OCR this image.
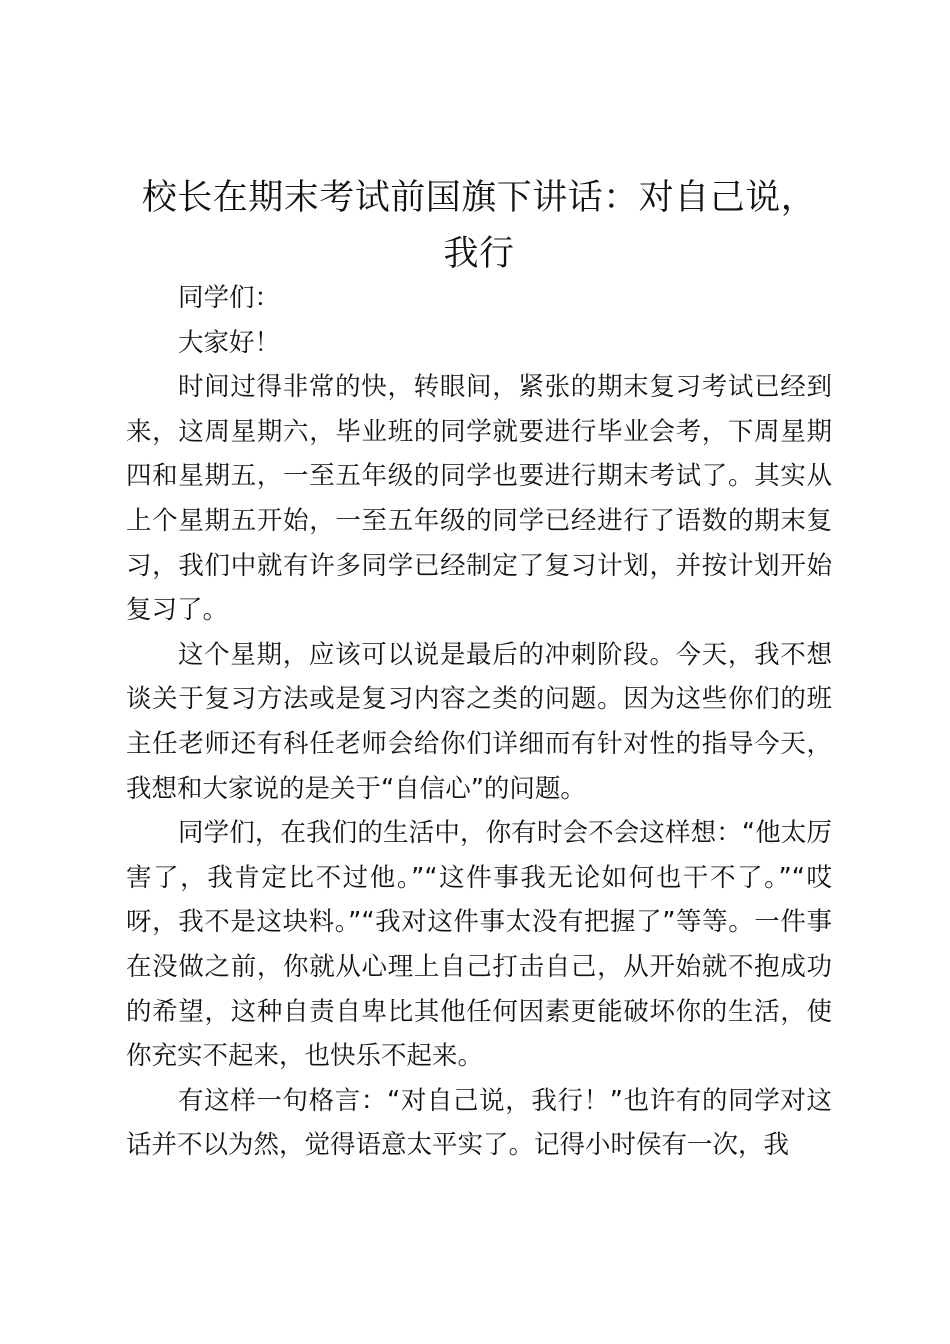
校长在期末考试前国旗下讲话：对自己说，我行

同学们：

大家好！

时间过得非常的快，转眼间，紧张的期末复习考试已经到来，这周星期六，毕业班的同学就要进行毕业会考，下周星期四和星期五，一至五年级的同学也要进行期末考试了。其实从上个星期五开始，一至五年级的同学已经进行了语数的期末复习，我们中就有许多同学已经制定了复习计划，并按计划开始复习了。

这个星期，应该可以说是最后的冲刺阶段。今天，我不想谈关于复习方法或是复习内容之类的问题。因为这些你们的班主任老师还有科任老师会给你们详细而有针对性的指导今天，我想和大家说的是关于“自信心”的问题。

同学们，在我们的生活中，你有时会不会这样想：“他太厉害了，我肯定比不过他。”“这件事我无论如何也干不了。”“哎呀，我不是这块料。”“我对这件事太没有把握了”等等。一件事在没做之前，你就从心理上自己打击自己，从开始就不抱成功的希望，这种自责自卑比其他任何因素更能破坏你的生活，使你充实不起来，也快乐不起来。

有这样一句格言：“对自己说，我行！”也许有的同学对这话并不以为然，觉得语意太平实了。记得小时侯有一次，我
